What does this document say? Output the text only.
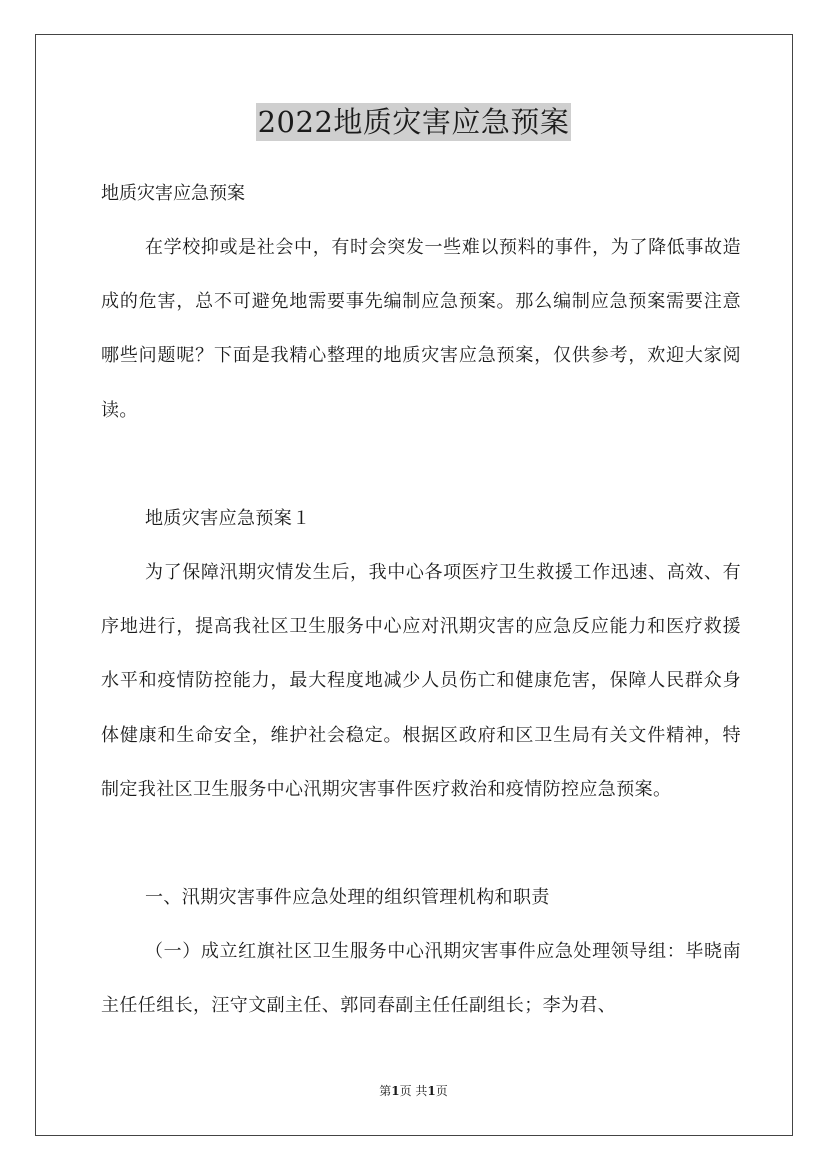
2022地质灾害应急预案

地质灾害应急预案

在学校抑或是社会中，有时会突发一些难以预料的事件，为了降低事故造成的危害，总不可避免地需要事先编制应急预案。那么编制应急预案需要注意哪些问题呢？下面是我精心整理的地质灾害应急预案，仅供参考，欢迎大家阅读。

地质灾害应急预案１

为了保障汛期灾情发生后，我中心各项医疗卫生救援工作迅速、高效、有序地进行，提高我社区卫生服务中心应对汛期灾害的应急反应能力和医疗救援水平和疫情防控能力，最大程度地减少人员伤亡和健康危害，保障人民群众身体健康和生命安全，维护社会稳定。根据区政府和区卫生局有关文件精神，特制定我社区卫生服务中心汛期灾害事件医疗救治和疫情防控应急预案。

一、汛期灾害事件应急处理的组织管理机构和职责

（一）成立红旗社区卫生服务中心汛期灾害事件应急处理领导组：毕晓南主任任组长，汪守文副主任、郭同春副主任任副组长；李为君、

第1页 共1页
